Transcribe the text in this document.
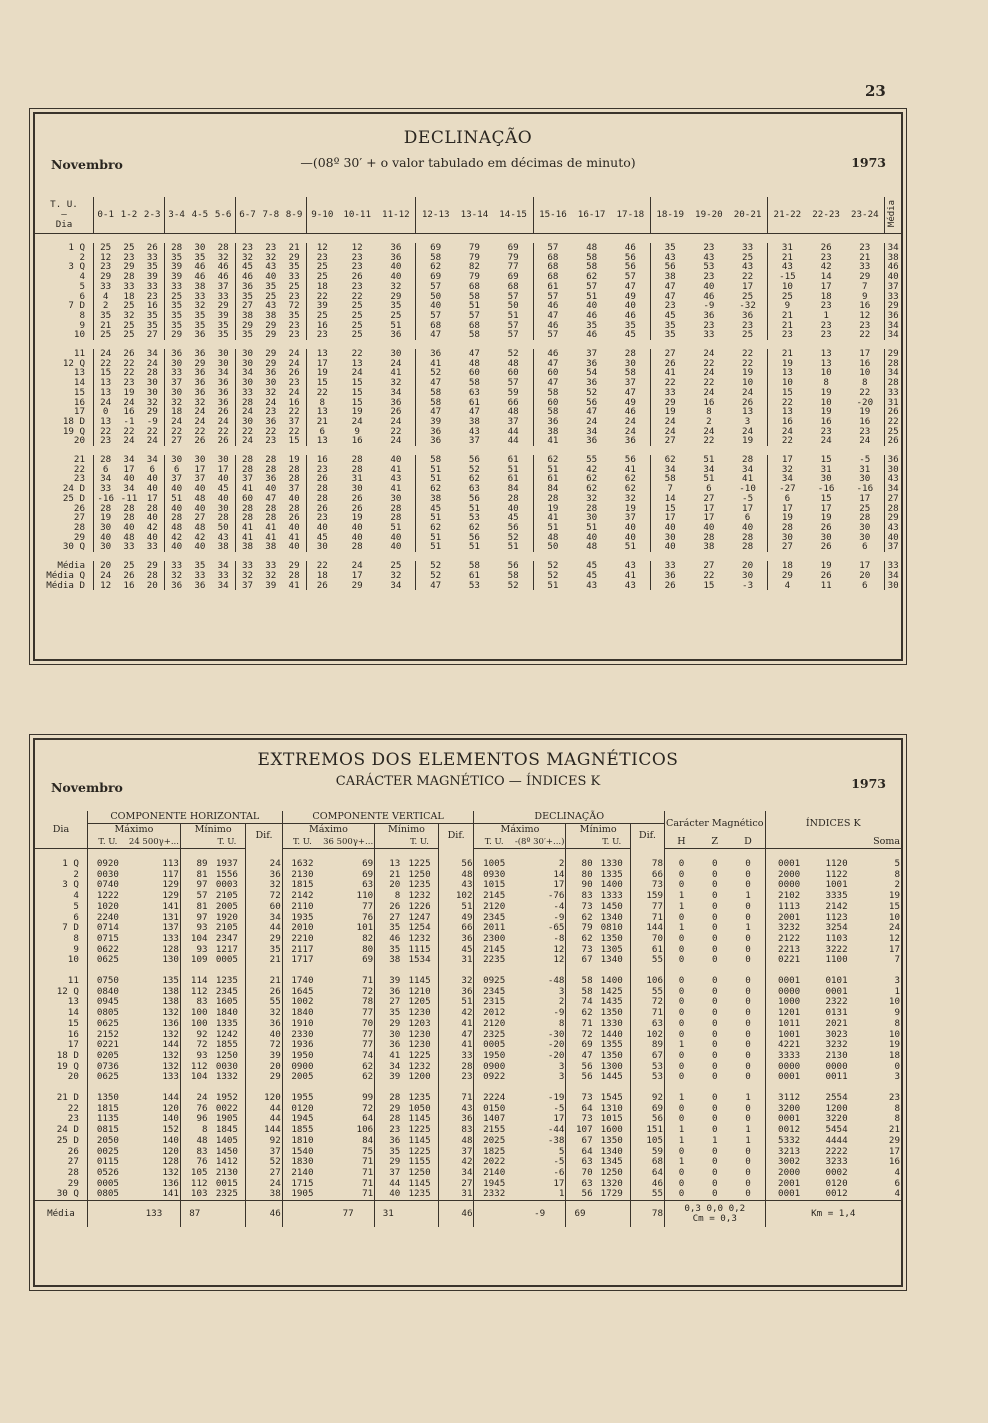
23
DECLINAÇÃO
Novembro	—(08º 30′ + o valor tabulado em décimas de minuto)	1973
T. U.
—
Dia	0-1	1-2	2-3	3-4	4-5	5-6	6-7	7-8	8-9	9-10	10-11	11-12	12-13	13-14	14-15	15-16	16-17	17-18	18-19	19-20	20-21	21-22	22-23	23-24	Média

1 Q	25	25	26	28	30	28	23	23	21	12	12	36	69	79	69	57	48	46	35	23	33	31	26	23	34
2	12	23	33	35	35	32	32	32	29	23	23	36	58	79	79	68	58	56	43	43	25	21	23	21	38
3 Q	23	29	35	39	46	46	45	43	35	25	23	40	62	82	77	68	58	56	56	53	43	43	42	33	46
4	29	28	39	39	46	46	46	40	33	25	26	40	69	79	69	68	62	57	38	23	22	-15	14	29	40
5	33	33	33	33	38	37	36	35	25	18	23	32	57	68	68	61	57	47	47	40	17	10	17	7	37
6	4	18	23	25	33	33	35	25	23	22	22	29	50	58	57	57	51	49	47	46	25	25	18	9	33
7 D	2	25	16	35	32	29	27	43	72	39	25	35	40	51	50	46	40	40	23	-9	-32	9	23	16	29
8	35	32	35	35	35	39	38	38	35	25	25	25	57	57	51	47	46	46	45	36	36	21	1	12	36
9	21	25	35	35	35	35	29	29	23	16	25	51	68	68	57	46	35	35	35	23	23	21	23	23	34
10	25	25	27	29	36	35	35	29	23	23	25	36	47	58	57	57	46	45	35	33	25	23	23	22	34

11	24	26	34	36	36	30	30	29	24	13	22	30	36	47	52	46	37	28	27	24	22	21	13	17	29
12 Q	22	22	24	30	29	30	30	29	24	17	13	24	41	48	48	47	36	30	26	22	22	19	13	16	28
13	15	22	28	33	36	34	34	36	26	19	24	41	52	60	60	60	54	58	41	24	19	13	10	10	34
14	13	23	30	37	36	36	30	30	23	15	15	32	47	58	57	47	36	37	22	22	10	10	8	8	28
15	13	19	30	30	36	36	33	32	24	22	15	34	58	63	59	58	52	47	33	24	24	15	19	22	33
16	24	24	32	32	32	36	28	24	16	8	15	36	58	61	66	60	56	49	29	16	26	22	10	-20	31
17	0	16	29	18	24	26	24	23	22	13	19	26	47	47	48	58	47	46	19	8	13	13	19	19	26
18 D	13	-1	-9	24	24	24	30	36	37	21	24	24	39	38	37	36	24	24	24	2	3	16	16	16	22
19 Q	22	22	22	22	22	22	22	22	22	6	9	22	36	43	44	38	34	24	24	24	24	24	23	23	25
20	23	24	24	27	26	26	24	23	15	13	16	24	36	37	44	41	36	36	27	22	19	22	24	24	26

21	28	34	34	30	30	30	28	28	19	16	28	40	58	56	61	62	55	56	62	51	28	17	15	-5	36
22	6	17	6	6	17	17	28	28	28	23	28	41	51	52	51	51	42	41	34	34	34	32	31	31	30
23	34	40	40	37	37	40	37	36	28	26	31	43	51	62	61	61	62	62	58	51	41	34	30	30	43
24 D	33	34	40	40	40	45	41	40	37	28	30	41	62	63	84	84	62	62	7	6	-10	-27	-16	-16	34
25 D	-16	-11	17	51	48	40	60	47	40	28	26	30	38	56	28	28	32	32	14	27	-5	6	15	17	27
26	28	28	28	40	40	30	28	28	28	26	26	28	45	51	40	19	28	19	15	17	17	17	17	25	28
27	19	28	40	28	27	28	28	28	26	23	19	28	51	53	45	41	30	37	17	17	6	19	19	28	29
28	30	40	42	48	48	50	41	41	40	40	40	51	62	62	56	51	51	40	40	40	40	28	26	30	43
29	40	48	40	42	42	43	41	41	41	45	40	40	51	56	52	48	40	40	30	28	28	30	30	30	40
30 Q	30	33	33	40	40	38	38	38	40	30	28	40	51	51	51	50	48	51	40	38	28	27	26	6	37

Média	20	25	29	33	35	34	33	33	29	22	24	25	52	58	56	52	45	43	33	27	20	18	19	17	33
Média Q	24	26	28	32	33	33	32	32	28	18	17	32	52	61	58	52	45	41	36	22	30	29	26	20	34
Média D	12	16	20	36	36	34	37	39	41	26	29	34	47	53	52	51	43	43	26	15	-3	4	11	6	30
EXTREMOS DOS ELEMENTOS MAGNÉTICOS
Novembro	CARÁCTER MAGNÉTICO — ÍNDICES K	1973
Dia	COMPONENTE HORIZONTAL					COMPONENTE VERTICAL					DECLINAÇÃO					Carácter Magnético			ÍNDICES K		
	Máximo		Mínimo		Dif.	Máximo		Mínimo		Dif.	Máximo		Mínimo		Dif.						
	T. U.	24 500γ+...		T. U.		T. U.	36 500γ+...		T. U.		T. U.	-(8º 30′+...)		T. U.		H	Z	D	Soma		

1 Q	0920	113	89	1937	24	1632	69	13	1225	56	1005	2	80	1330	78	0	0	0	0001	1120	5
2	0030	117	81	1556	36	2130	69	21	1250	48	0930	14	80	1335	66	0	0	0	2000	1122	8
3 Q	0740	129	97	0003	32	1815	63	20	1235	43	1015	17	90	1400	73	0	0	0	0000	1001	2
4	1222	129	57	2105	72	2142	110	8	1232	102	2145	-76	83	1333	159	1	0	1	2102	3335	19
5	1020	141	81	2005	60	2110	77	26	1226	51	2120	-4	73	1450	77	1	0	0	1113	2142	15
6	2240	131	97	1920	34	1935	76	27	1247	49	2345	-9	62	1340	71	0	0	0	2001	1123	10
7 D	0714	137	93	2105	44	2010	101	35	1254	66	2011	-65	79	0810	144	1	0	1	3232	3254	24
8	0715	133	104	2347	29	2210	82	46	1232	36	2300	-8	62	1350	70	0	0	0	2122	1103	12
9	0622	128	93	1217	35	2117	80	35	1115	45	2145	12	73	1305	61	0	0	0	2213	3222	17
10	0625	130	109	0005	21	1717	69	38	1534	31	2235	12	67	1340	55	0	0	0	0221	1100	7

11	0750	135	114	1235	21	1740	71	39	1145	32	0925	-48	58	1400	106	0	0	0	0001	0101	3
12 Q	0840	138	112	2345	26	1645	72	36	1210	36	2345	3	58	1425	55	0	0	0	0000	0001	1
13	0945	138	83	1605	55	1002	78	27	1205	51	2315	2	74	1435	72	0	0	0	1000	2322	10
14	0805	132	100	1840	32	1840	77	35	1230	42	2012	-9	62	1350	71	0	0	0	1201	0131	9
15	0625	136	100	1335	36	1910	70	29	1203	41	2120	8	71	1330	63	0	0	0	1011	2021	8
16	2152	132	92	1242	40	2330	77	30	1230	47	2325	-30	72	1440	102	0	0	0	1001	3023	10
17	0221	144	72	1855	72	1936	77	36	1230	41	0005	-20	69	1355	89	1	0	0	4221	3232	19
18 D	0205	132	93	1250	39	1950	74	41	1225	33	1950	-20	47	1350	67	0	0	0	3333	2130	18
19 Q	0736	132	112	0030	20	0900	62	34	1232	28	0900	3	56	1300	53	0	0	0	0000	0000	0
20	0625	133	104	1332	29	2005	62	39	1200	23	0922	3	56	1445	53	0	0	0	0001	0011	3

21 D	1350	144	24	1952	120	1955	99	28	1235	71	2224	-19	73	1545	92	1	0	1	3112	2554	23
22	1815	120	76	0022	44	0120	72	29	1050	43	0150	-5	64	1310	69	0	0	0	3200	1200	8
23	1135	140	96	1905	44	1945	64	28	1145	36	1407	17	73	1015	56	0	0	0	0001	3220	8
24 D	0815	152	8	1845	144	1855	106	23	1225	83	2155	-44	107	1600	151	1	0	1	0012	5454	21
25 D	2050	140	48	1405	92	1810	84	36	1145	48	2025	-38	67	1350	105	1	1	1	5332	4444	29
26	0025	120	83	1450	37	1540	75	35	1225	37	1825	5	64	1340	59	0	0	0	3213	2222	17
27	0115	128	76	1412	52	1830	71	29	1155	42	2022	-5	63	1345	68	1	0	0	3002	3233	16
28	0526	132	105	2130	27	2140	71	37	1250	34	2140	-6	70	1250	64	0	0	0	2000	0002	4
29	0005	136	112	0015	24	1715	71	44	1145	27	1945	17	63	1320	46	0	0	0	2001	0120	6
30 Q	0805	141	103	2325	38	1905	71	40	1235	31	2332	1	56	1729	55	0	0	0	0001	0012	4
Média		133	87		46		77	31		46		-9	69		78	0,3 0,0 0,2
Cm = 0,3			Km = 1,4		
